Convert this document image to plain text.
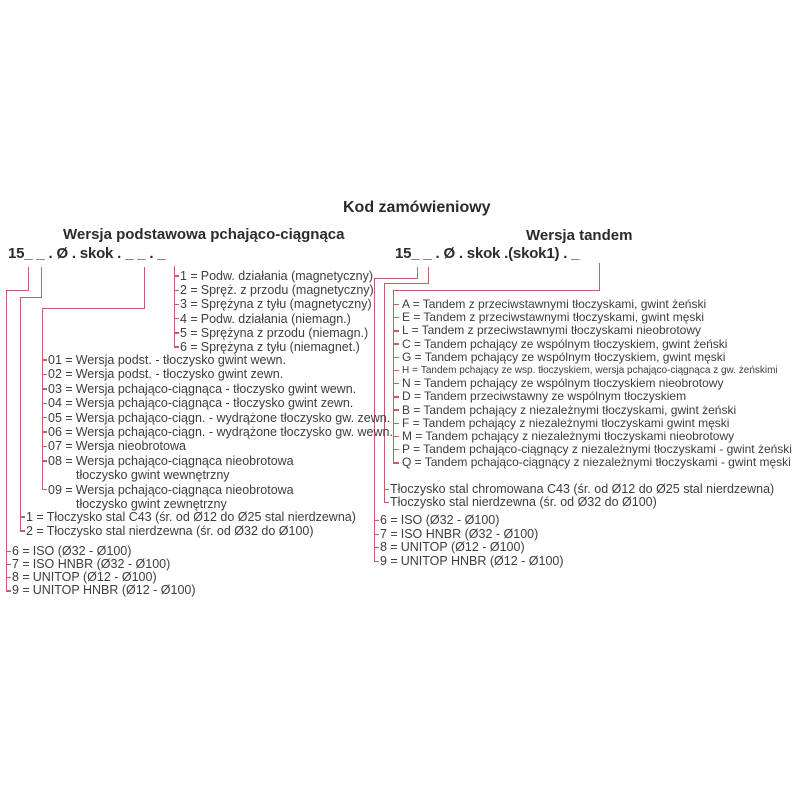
Kod zamówieniowy
Wersja podstawowa pchająco-ciągnąca	Wersja tandem
15_ _ . Ø . skok . _ _ . _	15_ _ . Ø . skok .(skok1) . _
1 = Podw. działania (magnetyczny)
2 = Spręż. z przodu (magnetyczny)
3 = Sprężyna z tyłu (magnetyczny)
4 = Podw. działania (niemagn.)
5 = Sprężyna z przodu (niemagn.)
6 = Sprężyna z tyłu (niemagnet.)
01 = Wersja podst. - tłoczysko gwint wewn.
02 = Wersja podst. - tłoczysko gwint zewn.
03 = Wersja pchająco-ciągnąca - tłoczysko gwint wewn.
04 = Wersja pchająco-ciągnąca - tłoczysko gwint zewn.
05 = Wersja pchająco-ciągn. - wydrążone tłoczysko gw. zewn.
06 = Wersja pchająco-ciągn. - wydrążone tłoczysko gw. wewn.
07 = Wersja nieobrotowa
08 = Wersja pchająco-ciągnąca nieobrotowa
tłoczysko gwint wewnętrzny
09 = Wersja pchająco-ciągnąca nieobrotowa
tłoczysko gwint zewnętrzny
1 = Tłoczysko stal C43 (śr. od Ø12 do Ø25 stal nierdzewna)
2 = Tłoczysko stal nierdzewna (śr. od Ø32 do Ø100)
6 = ISO (Ø32 - Ø100)
7 = ISO HNBR (Ø32 - Ø100)
8 = UNITOP (Ø12 - Ø100)
9 = UNITOP HNBR (Ø12 - Ø100)
A = Tandem z przeciwstawnymi tłoczyskami, gwint żeński
E = Tandem z przeciwstawnymi tłoczyskami, gwint męski
L = Tandem z przeciwstawnymi tłoczyskami nieobrotowy
C = Tandem pchający ze wspólnym tłoczyskiem, gwint żeński
G = Tandem pchający ze wspólnym tłoczyskiem, gwint męski
H = Tandem pchający ze wsp. tłoczyskiem, wersja pchająco-ciągnąca z gw. żeńskimi
N = Tandem pchający ze wspólnym tłoczyskiem nieobrotowy
D = Tandem przeciwstawny ze wspólnym tłoczyskiem
B = Tandem pchający z niezależnymi tłoczyskami, gwint żeński
F = Tandem pchający z niezależnymi tłoczyskami gwint męski
M = Tandem pchający z niezależnymi tłoczyskami nieobrotowy
P = Tandem pchająco-ciągnący z niezależnymi tłoczyskami - gwint żeński
Q = Tandem pchająco-ciągnący z niezależnymi tłoczyskami - gwint męski
Tłoczysko stal chromowana C43 (śr. od Ø12 do Ø25 stal nierdzewna)
Tłoczysko stal nierdzewna (śr. od Ø32 do Ø100)
6 = ISO (Ø32 - Ø100)
7 = ISO HNBR (Ø32 - Ø100)
8 = UNITOP (Ø12 - Ø100)
9 = UNITOP HNBR (Ø12 - Ø100)
